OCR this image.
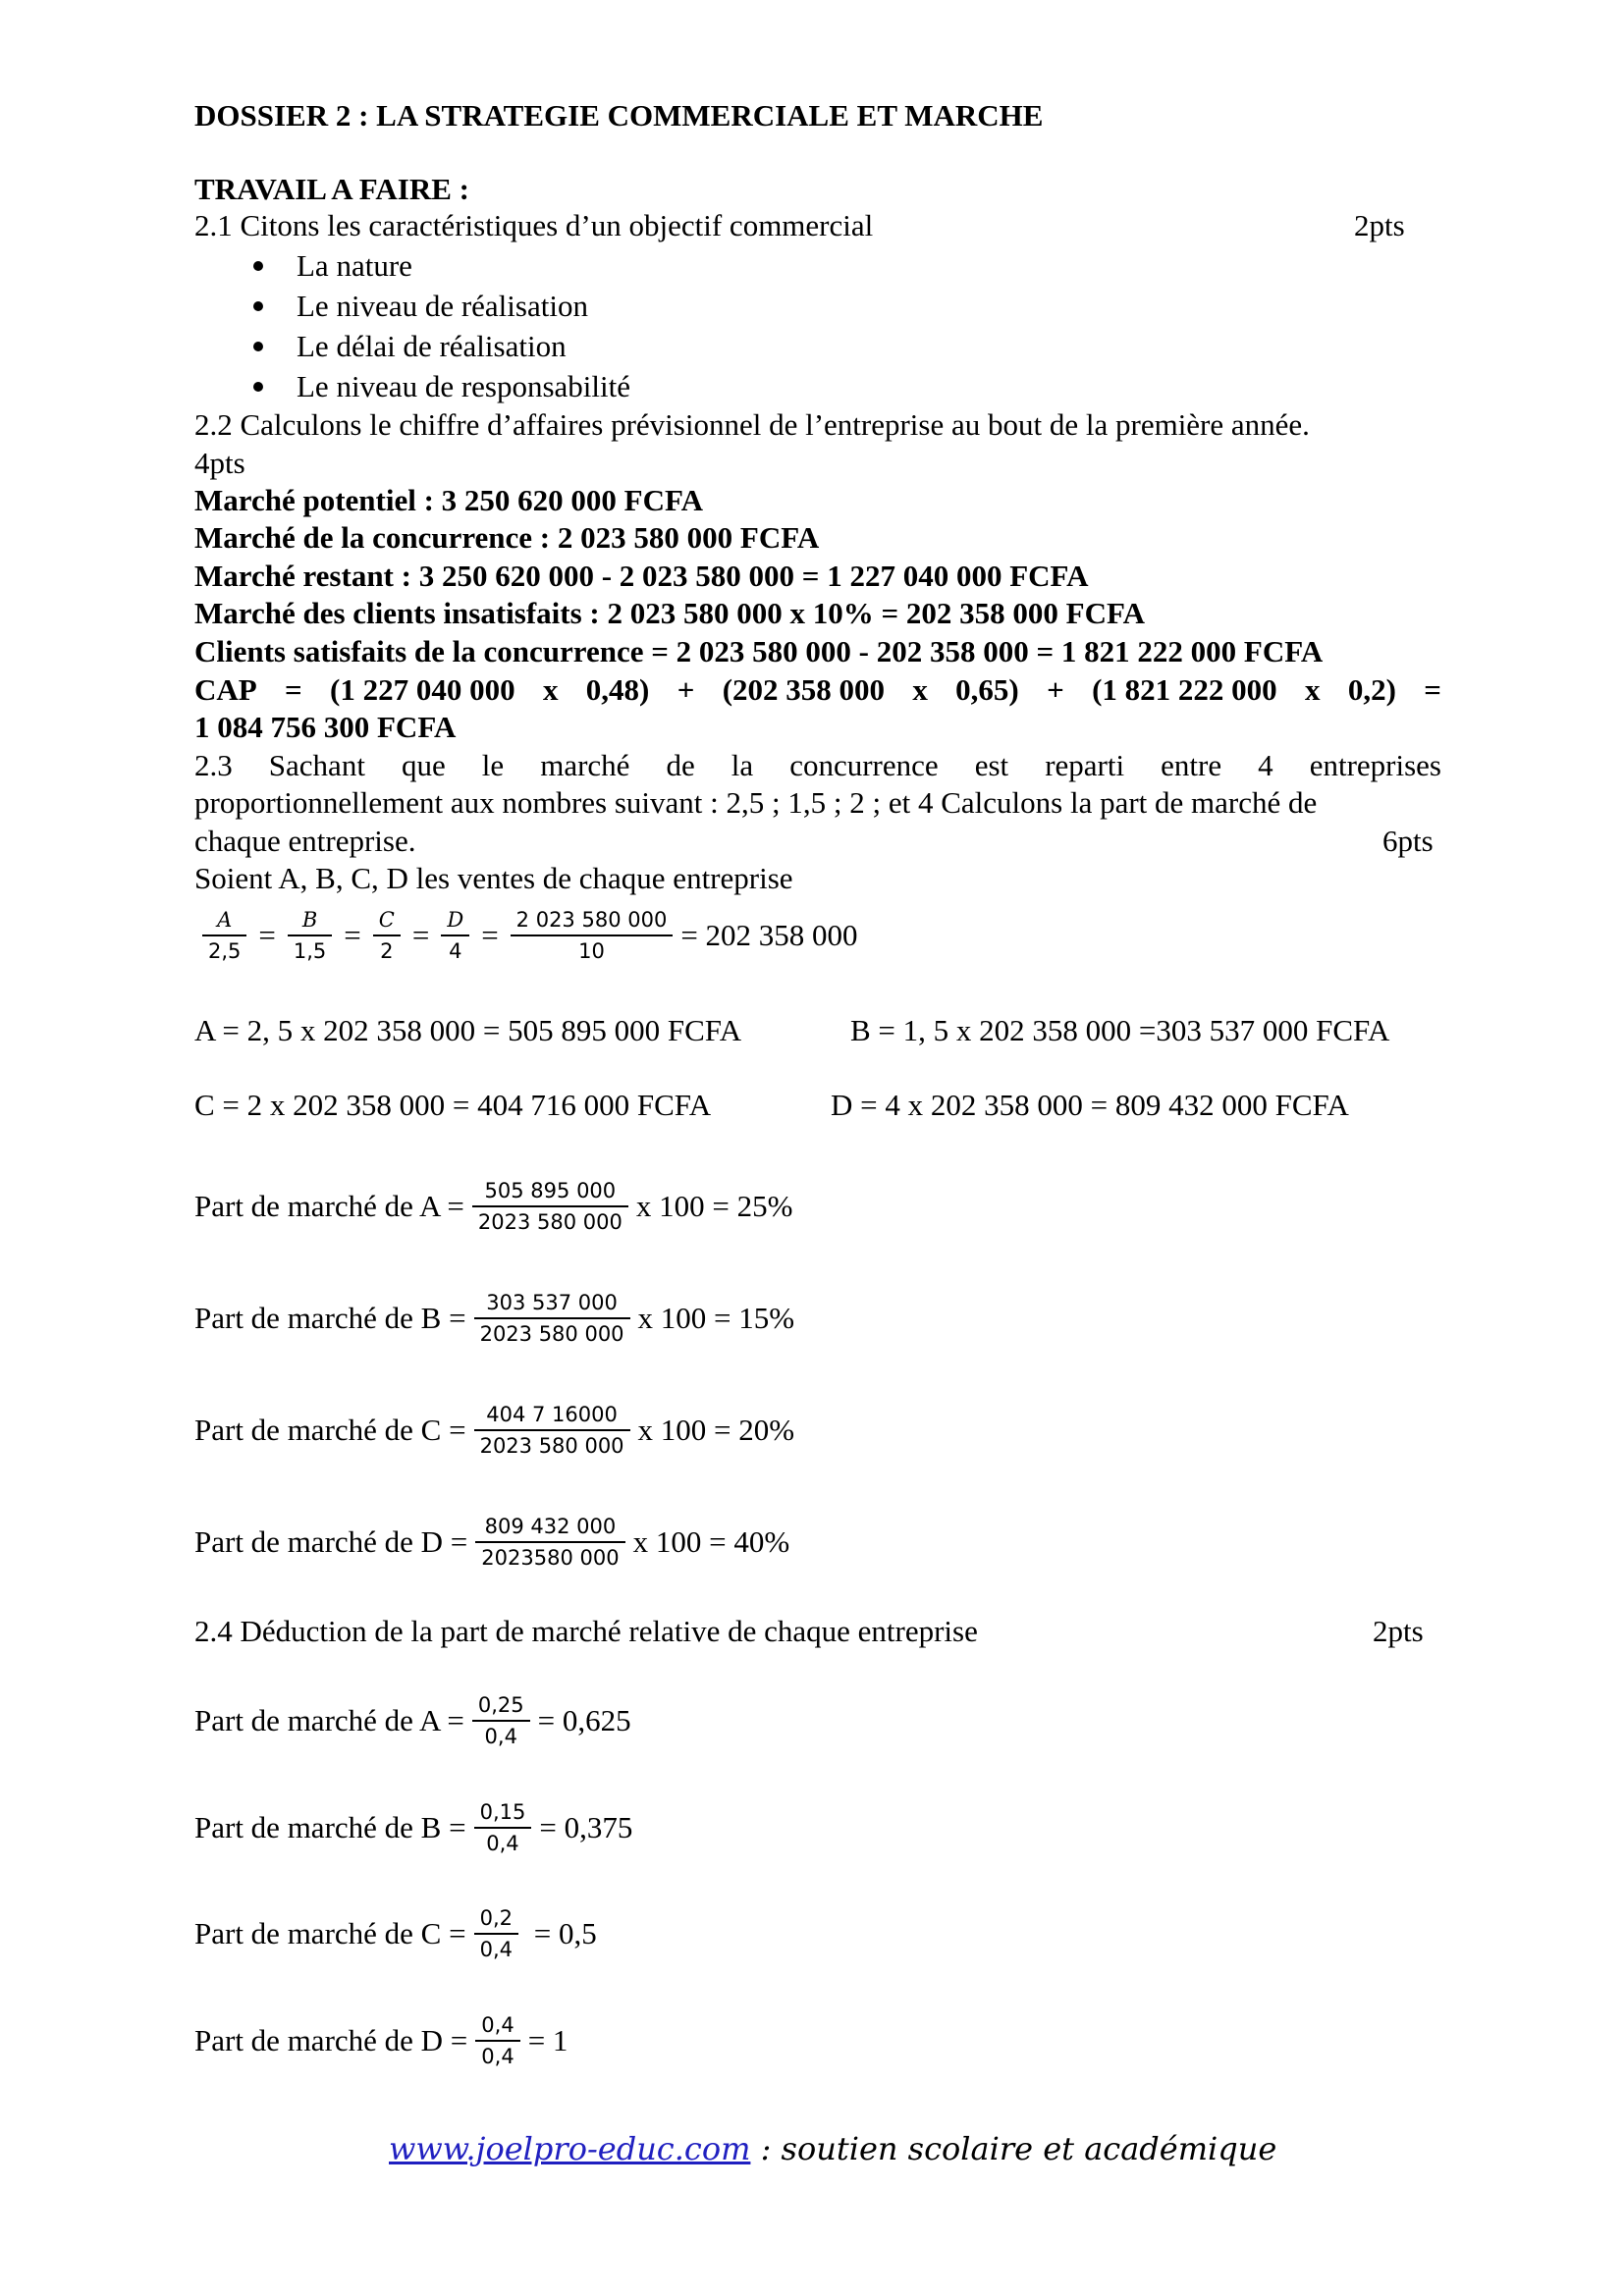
DOSSIER 2 : LA STRATEGIE COMMERCIALE ET MARCHE
TRAVAIL A FAIRE :
2.1 Citons les caractéristiques d’un objectif commercial	2pts
La nature
Le niveau de réalisation
Le délai de réalisation
Le niveau de responsabilité
2.2 Calculons le chiffre d’affaires prévisionnel de l’entreprise au bout de la première année.
4pts
Marché potentiel : 3 250 620 000 FCFA
Marché de la concurrence : 2 023 580 000 FCFA
Marché restant : 3 250 620 000 - 2 023 580 000 = 1 227 040 000 FCFA
Marché des clients insatisfaits : 2 023 580 000 x 10% = 202 358 000 FCFA
Clients satisfaits de la concurrence = 2 023 580 000 - 202 358 000 = 1 821 222 000 FCFA
CAP = (1 227 040 000 x 0,48) + (202 358 000 x 0,65) + (1 821 222 000 x 0,2) =
1 084 756 300 FCFA
2.3 Sachant que le marché de la concurrence est reparti entre 4 entreprises
proportionnellement aux nombres suivant : 2,5 ; 1,5 ; 2 ; et 4 Calculons la part de marché de
chaque entreprise.	6pts
Soient A, B, C, D les ventes de chaque entreprise
$\frac{A}{2,5} = \frac{B}{1,5} = \frac{C}{2} = \frac{D}{4} = \frac{2 023 580 000}{10} = 202$ 358 000
A = 2, 5 x 202 358 000 = 505 895 000 FCFA	B = 1, 5 x 202 358 000 =303 537 000 FCFA
C = 2 x 202 358 000 = 404 716 000 FCFA	D = 4 x 202 358 000 = 809 432 000 FCFA
Part de marché de $A = \frac{505 895 000}{2023 580 000}$ x 100 = 25%
Part de marché de $B = \frac{303 537 000}{2023 580 000}$ x 100 = 15%
Part de marché de $C = \frac{404 7 16000}{2023 580 000}$ x 100 = 20%
Part de marché de $D = \frac{809 432 000}{2023580 000}$ x 100 = 40%
2.4 Déduction de la part de marché relative de chaque entreprise	2pts
Part de marché de $A = \frac{0,25}{0,4} = 0,625$
Part de marché de $B = \frac{0,15}{0,4} = 0,375$
Part de marché de $C = \frac{0,2}{0,4} = 0,5$
Part de marché de $D = \frac{0,4}{0,4} = 1$
www.joelpro-educ.com : soutien scolaire et académique
